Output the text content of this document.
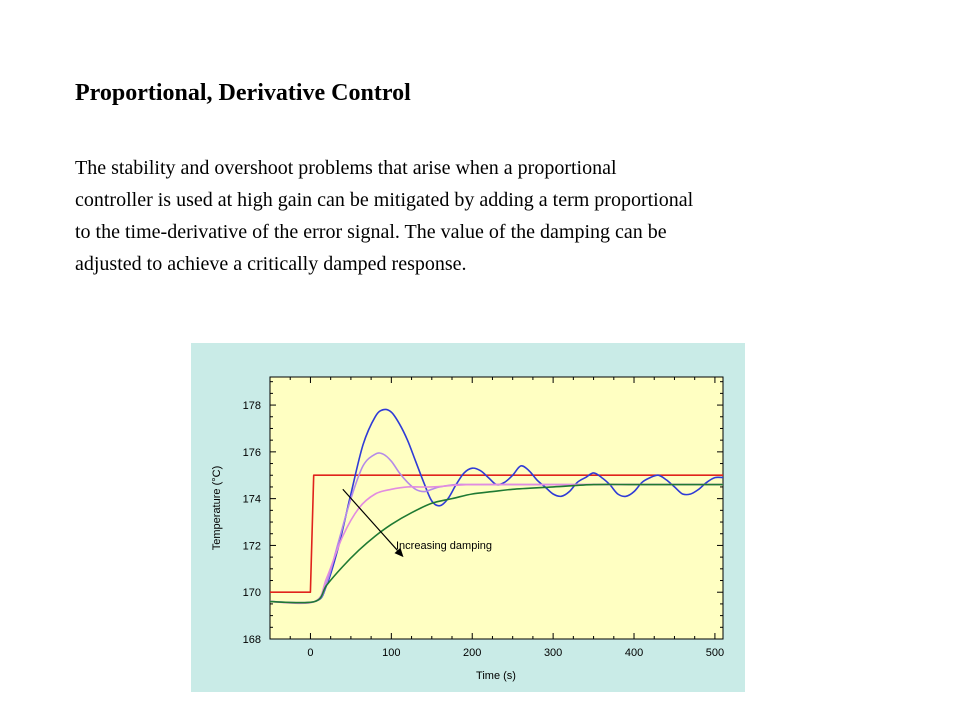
Proportional, Derivative Control
The stability and overshoot problems that arise when a proportional
controller is used at high gain can be mitigated by adding a term proportional
to the time-derivative of the error signal. The value of the damping can be
adjusted to achieve a critically damped response.
0	100	200	300	400	500
168
170
172
174
176
178
Increasing damping
Time (s)
Temperature (°C)
